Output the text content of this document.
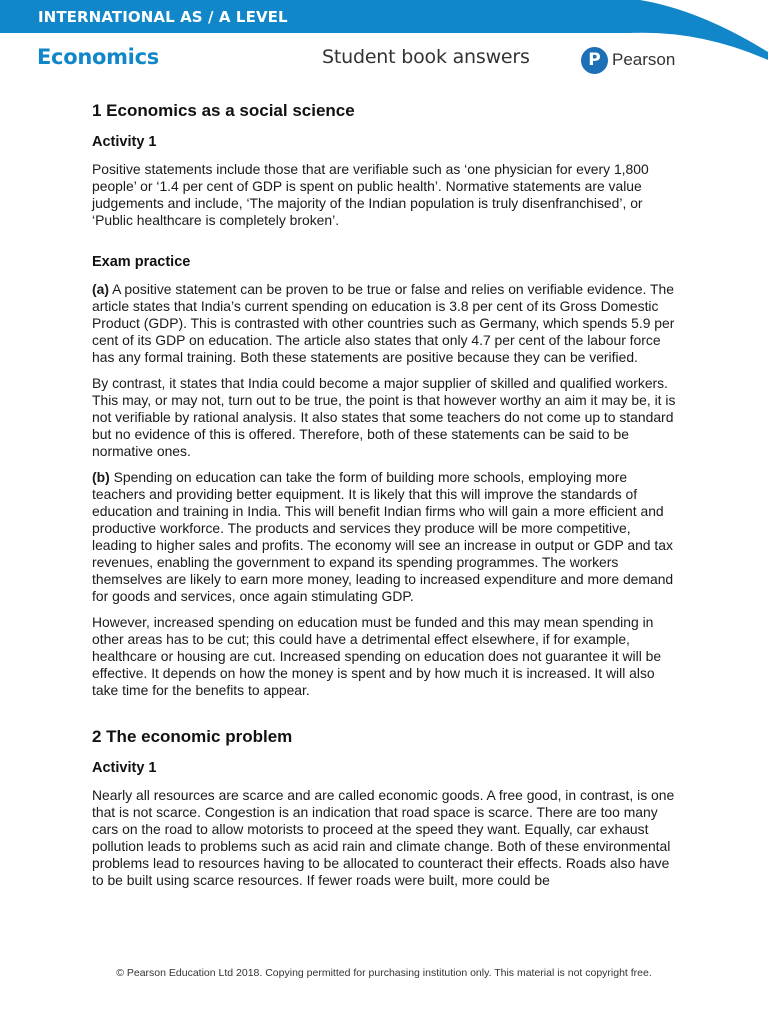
INTERNATIONAL AS / A LEVEL
Economics	Student book answers	P Pearson
1 Economics as a social science
Activity 1

Positive statements include those that are verifiable such as ‘one physician for every 1,800 people’ or ‘1.4 per cent of GDP is spent on public health’. Normative statements are value judgements and include, ‘The majority of the Indian population is truly disenfranchised’, or ‘Public healthcare is completely broken’.

Exam practice

(a) A positive statement can be proven to be true or false and relies on verifiable evidence. The article states that India’s current spending on education is 3.8 per cent of its Gross Domestic Product (GDP). This is contrasted with other countries such as Germany, which spends 5.9 per cent of its GDP on education. The article also states that only 4.7 per cent of the labour force has any formal training. Both these statements are positive because they can be verified.

By contrast, it states that India could become a major supplier of skilled and qualified workers. This may, or may not, turn out to be true, the point is that however worthy an aim it may be, it is not verifiable by rational analysis. It also states that some teachers do not come up to standard but no evidence of this is offered. Therefore, both of these statements can be said to be normative ones.

(b) Spending on education can take the form of building more schools, employing more teachers and providing better equipment. It is likely that this will improve the standards of education and training in India. This will benefit Indian firms who will gain a more efficient and productive workforce. The products and services they produce will be more competitive, leading to higher sales and profits. The economy will see an increase in output or GDP and tax revenues, enabling the government to expand its spending programmes. The workers themselves are likely to earn more money, leading to increased expenditure and more demand for goods and services, once again stimulating GDP.

However, increased spending on education must be funded and this may mean spending in other areas has to be cut; this could have a detrimental effect elsewhere, if for example, healthcare or housing are cut. Increased spending on education does not guarantee it will be effective. It depends on how the money is spent and by how much it is increased. It will also take time for the benefits to appear.

2 The economic problem
Activity 1

Nearly all resources are scarce and are called economic goods. A free good, in contrast, is one that is not scarce. Congestion is an indication that road space is scarce. There are too many cars on the road to allow motorists to proceed at the speed they want. Equally, car exhaust pollution leads to problems such as acid rain and climate change. Both of these environmental problems lead to resources having to be allocated to counteract their effects. Roads also have to be built using scarce resources. If fewer roads were built, more could be

© Pearson Education Ltd 2018. Copying permitted for purchasing institution only. This material is not copyright free.
